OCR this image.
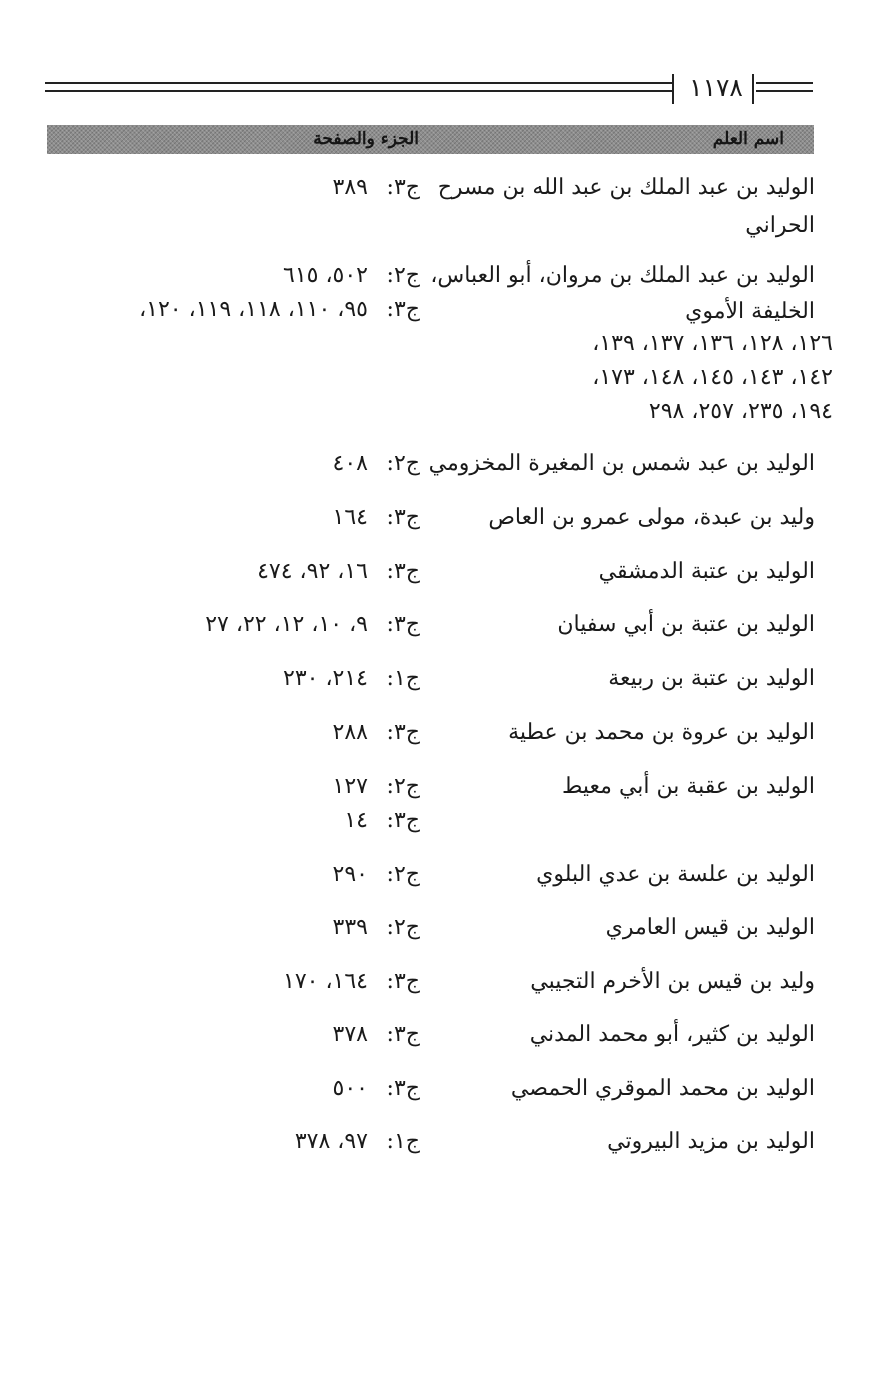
١١٧٨
اسم العلم
الجزء والصفحة
الوليد بن عبد الملك بن عبد الله بن مسرح
الحراني
ج٣:
٣٨٩
الوليد بن عبد الملك بن مروان، أبو العباس،
الخليفة الأموي
ج٢:
٥٠٢، ٦١٥
ج٣:
٩٥، ١١٠، ١١٨، ١١٩، ١٢٠،
١٢٦، ١٢٨، ١٣٦، ١٣٧، ١٣٩،
١٤٢، ١٤٣، ١٤٥، ١٤٨، ١٧٣،
١٩٤، ٢٣٥، ٢٥٧، ٢٩٨
الوليد بن عبد شمس بن المغيرة المخزومي
ج٢:
٤٠٨
وليد بن عبدة، مولى عمرو بن العاص
ج٣:
١٦٤
الوليد بن عتبة الدمشقي
ج٣:
١٦، ٩٢، ٤٧٤
الوليد بن عتبة بن أبي سفيان
ج٣:
٩، ١٠، ١٢، ٢٢، ٢٧
الوليد بن عتبة بن ربيعة
ج١:
٢١٤، ٢٣٠
الوليد بن عروة بن محمد بن عطية
ج٣:
٢٨٨
الوليد بن عقبة بن أبي معيط
ج٢:
١٢٧
ج٣:
١٤
الوليد بن علسة بن عدي البلوي
ج٢:
٢٩٠
الوليد بن قيس العامري
ج٢:
٣٣٩
وليد بن قيس بن الأخرم التجيبي
ج٣:
١٦٤، ١٧٠
الوليد بن كثير، أبو محمد المدني
ج٣:
٣٧٨
الوليد بن محمد الموقري الحمصي
ج٣:
٥٠٠
الوليد بن مزيد البيروتي
ج١:
٩٧، ٣٧٨
